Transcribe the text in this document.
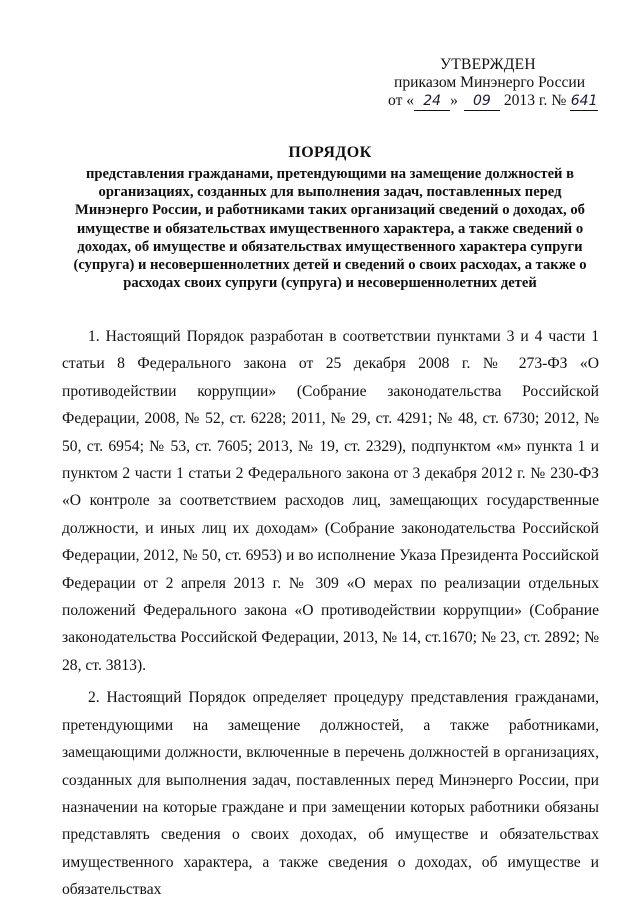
УТВЕРЖДЕН
приказом Минэнерго России
от « 24 » 09 2013 г. № 641
ПОРЯДОК
представления гражданами, претендующими на замещение должностей в организациях, созданных для выполнения задач, поставленных перед Минэнерго России, и работниками таких организаций сведений о доходах, об имуществе и обязательствах имущественного характера, а также сведений о доходах, об имуществе и обязательствах имущественного характера супруги (супруга) и несовершеннолетних детей и сведений о своих расходах, а также о расходах своих супруги (супруга) и несовершеннолетних детей

1. Настоящий Порядок разработан в соответствии пунктами 3 и 4 части 1 статьи 8 Федерального закона от 25 декабря 2008 г. № 273-ФЗ «О противодействии коррупции» (Собрание законодательства Российской Федерации, 2008, № 52, ст. 6228; 2011, № 29, ст. 4291; № 48, ст. 6730; 2012, № 50, ст. 6954; № 53, ст. 7605; 2013, № 19, ст. 2329), подпунктом «м» пункта 1 и пунктом 2 части 1 статьи 2 Федерального закона от 3 декабря 2012 г. № 230-ФЗ «О контроле за соответствием расходов лиц, замещающих государственные должности, и иных лиц их доходам» (Собрание законодательства Российской Федерации, 2012, № 50, ст. 6953) и во исполнение Указа Президента Российской Федерации от 2 апреля 2013 г. № 309 «О мерах по реализации отдельных положений Федерального закона «О противодействии коррупции» (Собрание законодательства Российской Федерации, 2013, № 14, ст.1670; № 23, ст. 2892; № 28, ст. 3813).

2. Настоящий Порядок определяет процедуру представления гражданами, претендующими на замещение должностей, а также работниками, замещающими должности, включенные в перечень должностей в организациях, созданных для выполнения задач, поставленных перед Минэнерго России, при назначении на которые граждане и при замещении которых работники обязаны представлять сведения о своих доходах, об имуществе и обязательствах имущественного характера, а также сведения о доходах, об имуществе и обязательствах
